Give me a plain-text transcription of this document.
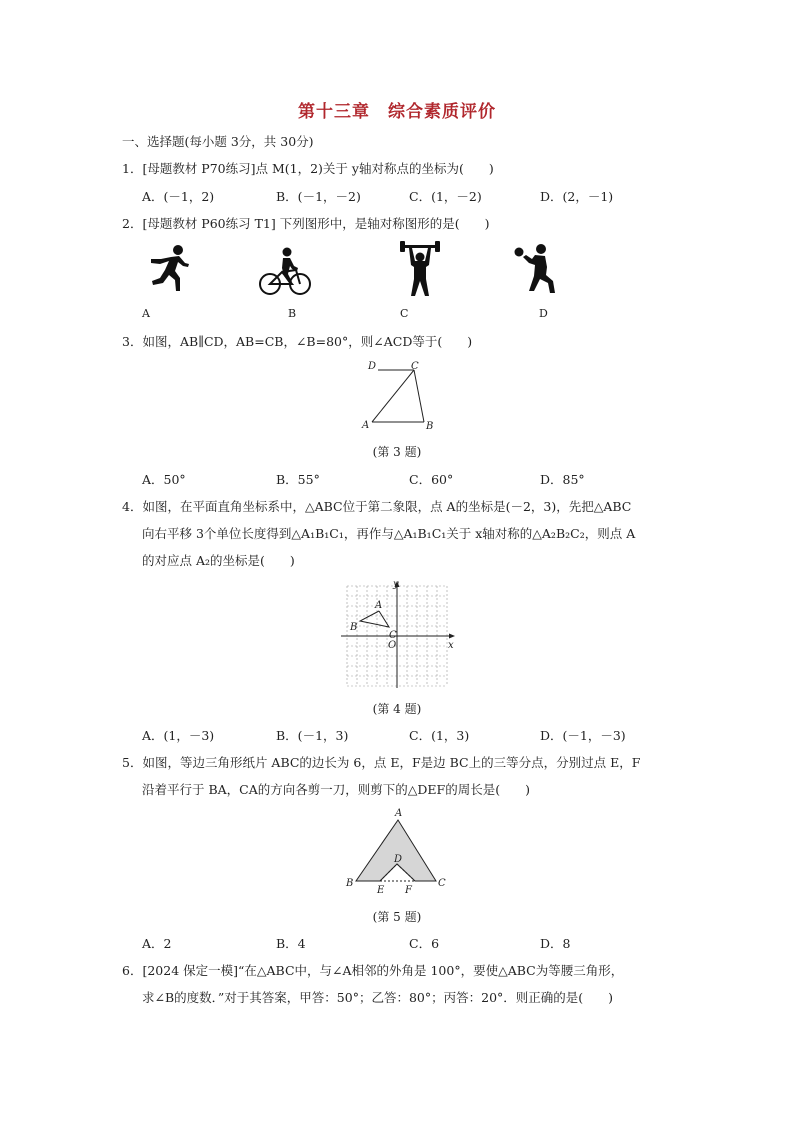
第十三章　综合素质评价
一、选择题(每小题 3分，共 30分)
1．[母题教材 P70练习]点 M(1，2)关于 y轴对称点的坐标为(　　)
A．(－1，2)	B．(－1，－2)	C．(1，－2)	D．(2，－1)
2．[母题教材 P60练习 T1] 下列图形中，是轴对称图形的是(　　)
A	B	C	D
3．如图，AB∥CD，AB=CB，∠B=80°，则∠ACD等于(　　)
D	C
A	B
(第 3 题)
A．50°	B．55°	C．60°	D．85°
4．如图，在平面直角坐标系中，△ABC位于第二象限，点 A的坐标是(－2，3)，先把△ABC
向右平移 3个单位长度得到△A₁B₁C₁，再作与△A₁B₁C₁关于 x轴对称的△A₂B₂C₂，则点 A
的对应点 A₂的坐标是(　　)
y
x
O
A
B
C
(第 4 题)
A．(1，－3)	B．(－1，3)	C．(1，3)	D．(－1，－3)
5．如图，等边三角形纸片 ABC的边长为 6，点 E，F是边 BC上的三等分点，分别过点 E，F
沿着平行于 BA，CA的方向各剪一刀，则剪下的△DEF的周长是(　　)
A
D
B
E F
C
(第 5 题)
A．2	B．4	C．6	D．8
6．[2024 保定一模]“在△ABC中，与∠A相邻的外角是 100°，要使△ABC为等腰三角形，
求∠B的度数．”对于其答案，甲答：50°；乙答：80°；丙答：20°．则正确的是(　　)
